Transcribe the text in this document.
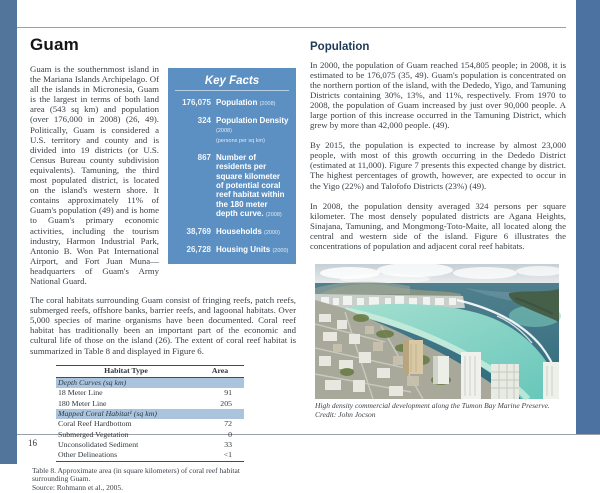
16
Guam
Key Facts
176,075 Population (2008)
324 Population Density (2008)
(persons per sq km)
867 Number of residents per square kilometer of potential coral reef habitat within the 180 meter depth curve. (2008)
38,769 Households (2000)
26,728 Housing Units (2000)

Guam is the southernmost island in the Mariana Islands Archipelago. Of all the islands in Micronesia, Guam is the largest in terms of both land area (543 sq km) and population (over 176,000 in 2008) (26, 49). Politically, Guam is considered a U.S. territory and county and is divided into 19 districts (or U.S. Census Bureau county subdivision equivalents). Tamuning, the third most populated district, is located on the island's western shore. It contains approximately 11% of Guam's population (49) and is home to Guam's primary economic activities, including the tourism industry, Harmon Industrial Park, Antonio B. Won Pat International Airport, and Fort Juan Muna—headquarters of Guam's Army National Guard.

The coral habitats surrounding Guam consist of fringing reefs, patch reefs, submerged reefs, offshore banks, barrier reefs, and lagoonal habitats. Over 5,000 species of marine organisms have been documented. Coral reef habitat has traditionally been an important part of the economic and cultural life of those on the island (26). The extent of coral reef habitat is summarized in Table 8 and displayed in Figure 6.

Habitat Type	Area
Depth Curves (sq km)	
18 Meter Line	91
180 Meter Line	205
Mapped Coral Habitat¹ (sq km)	
Coral Reef Hardbottom	72
Submerged Vegetation	0
Unconsolidated Sediment	33
Other Delineations	<1
Table 8. Approximate area (in square kilometers) of coral reef habitat surrounding Guam.
Source: Rohmann et al., 2005.
Population

In 2000, the population of Guam reached 154,805 people; in 2008, it is estimated to be 176,075 (35, 49). Guam's population is concentrated on the northern portion of the island, with the Dededo, Yigo, and Tamuning Districts containing 30%, 13%, and 11%, respectively. From 1970 to 2008, the population of Guam increased by just over 90,000 people. A large portion of this increase occurred in the Tamuning District, which grew by more than 42,000 people. (49).

By 2015, the population is expected to increase by almost 23,000 people, with most of this growth occurring in the Dededo District (estimated at 11,000). Figure 7 presents this expected change by district. The highest percentages of growth, however, are expected to occur in the Yigo (22%) and Talofofo Districts (23%) (49).

In 2008, the population density averaged 324 persons per square kilometer. The most densely populated districts are Agana Heights, Sinajana, Tamuning, and Mongmong-Toto-Maite, all located along the central and western side of the island. Figure 6 illustrates the concentrations of population and adjacent coral reef habitats.

High density commercial development along the Tumon Bay Marine Preserve.
Credit: John Jocson
